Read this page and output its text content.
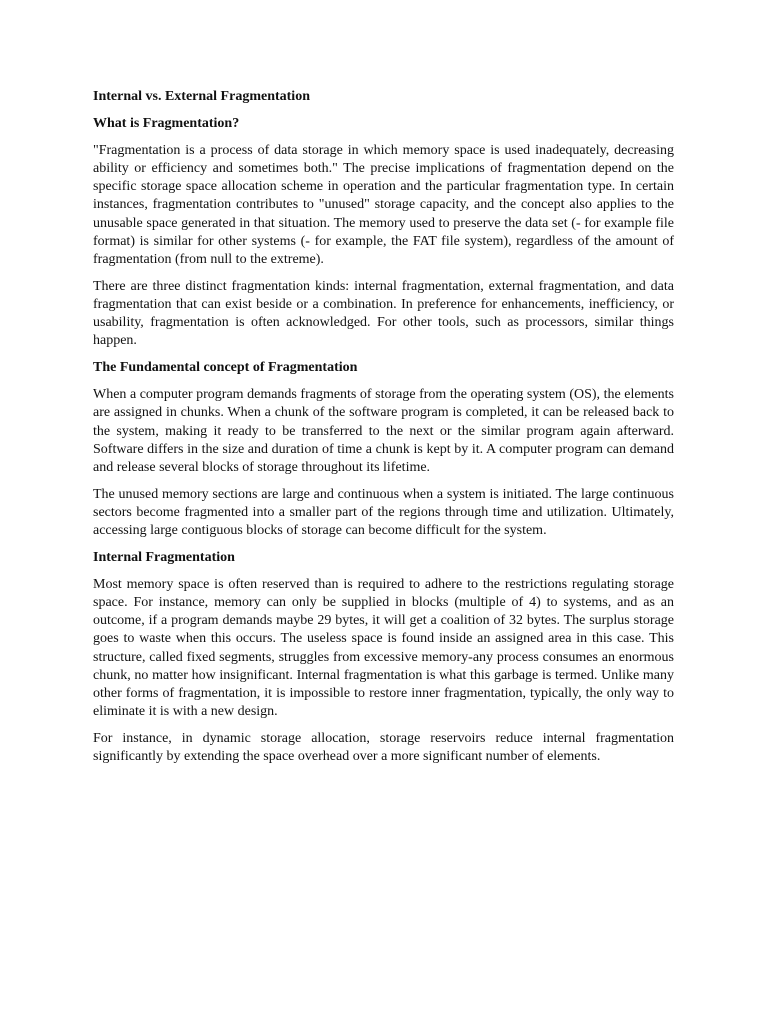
Internal vs. External Fragmentation
What is Fragmentation?
"Fragmentation is a process of data storage in which memory space is used inadequately, decreasing ability or efficiency and sometimes both." The precise implications of fragmentation depend on the specific storage space allocation scheme in operation and the particular fragmentation type. In certain instances, fragmentation contributes to "unused" storage capacity, and the concept also applies to the unusable space generated in that situation. The memory used to preserve the data set (- for example file format) is similar for other systems (- for example, the FAT file system), regardless of the amount of fragmentation (from null to the extreme).
There are three distinct fragmentation kinds: internal fragmentation, external fragmentation, and data fragmentation that can exist beside or a combination. In preference for enhancements, inefficiency, or usability, fragmentation is often acknowledged. For other tools, such as processors, similar things happen.
The Fundamental concept of Fragmentation
When a computer program demands fragments of storage from the operating system (OS), the elements are assigned in chunks. When a chunk of the software program is completed, it can be released back to the system, making it ready to be transferred to the next or the similar program again afterward. Software differs in the size and duration of time a chunk is kept by it. A computer program can demand and release several blocks of storage throughout its lifetime.
The unused memory sections are large and continuous when a system is initiated. The large continuous sectors become fragmented into a smaller part of the regions through time and utilization. Ultimately, accessing large contiguous blocks of storage can become difficult for the system.
Internal Fragmentation
Most memory space is often reserved than is required to adhere to the restrictions regulating storage space. For instance, memory can only be supplied in blocks (multiple of 4) to systems, and as an outcome, if a program demands maybe 29 bytes, it will get a coalition of 32 bytes. The surplus storage goes to waste when this occurs. The useless space is found inside an assigned area in this case. This structure, called fixed segments, struggles from excessive memory-any process consumes an enormous chunk, no matter how insignificant. Internal fragmentation is what this garbage is termed. Unlike many other forms of fragmentation, it is impossible to restore inner fragmentation, typically, the only way to eliminate it is with a new design.
For instance, in dynamic storage allocation, storage reservoirs reduce internal fragmentation significantly by extending the space overhead over a more significant number of elements.
